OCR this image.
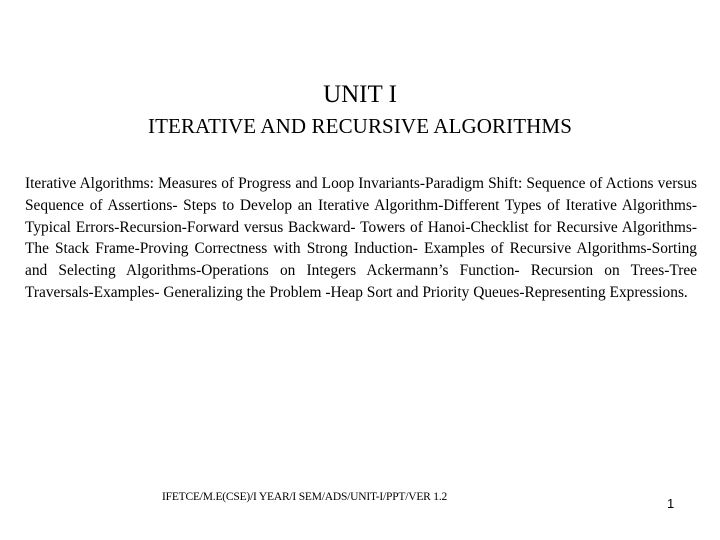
UNIT I
ITERATIVE AND RECURSIVE ALGORITHMS

Iterative Algorithms: Measures of Progress and Loop Invariants-Paradigm Shift: Sequence of Actions versus Sequence of Assertions- Steps to Develop an Iterative Algorithm-Different Types of Iterative Algorithms-Typical Errors-Recursion-Forward versus Backward- Towers of Hanoi-Checklist for Recursive Algorithms-The Stack Frame-Proving Correctness with Strong Induction- Examples of Recursive Algorithms-Sorting and Selecting Algorithms-Operations on Integers Ackermann’s Function- Recursion on Trees-Tree Traversals-Examples- Generalizing the Problem -Heap Sort and Priority Queues-Representing Expressions.

IFETCE/M.E(CSE)/I YEAR/I SEM/ADS/UNIT-I/PPT/VER 1.2	1
